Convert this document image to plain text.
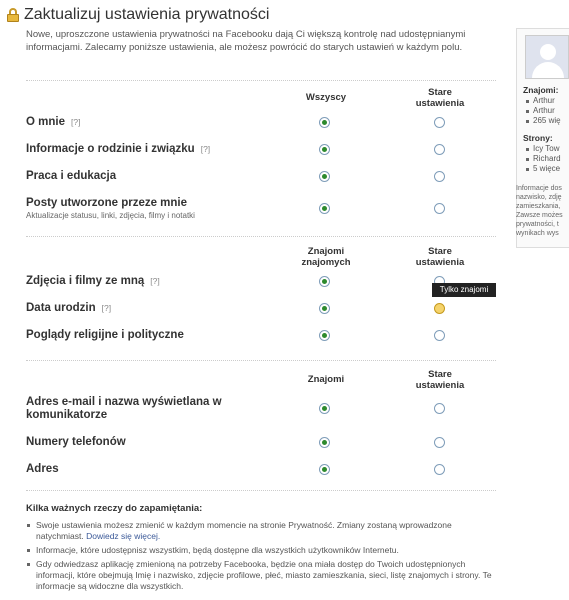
Zaktualizuj ustawienia prywatności

Nowe, uproszczone ustawienia prywatności na Facebooku dają Ci większą kontrolę nad udostępnianymi informacjami. Zalecamy poniższe ustawienia, ale możesz powrócić do starych ustawień w każdym polu.

Wszyscy	Stare ustawienia
O mnie [?]
Informacje o rodzinie i związku [?]
Praca i edukacja
Posty utworzone przeze mnie
Aktualizacje statusu, linki, zdjęcia, filmy i notatki
Znajomi znajomych
Stare ustawienia
Zdjęcia i filmy ze mną [?]
Data urodzin [?]
Poglądy religijne i polityczne
Tylko znajomi
Znajomi	Stare ustawienia
Adres e-mail i nazwa wyświetlana w komunikatorze
Numery telefonów
Adres
Kilka ważnych rzeczy do zapamiętania:
Swoje ustawienia możesz zmienić w każdym momencie na stronie Prywatność. Zmiany zostaną wprowadzone natychmiast. Dowiedz się więcej.
Informacje, które udostępnisz wszystkim, będą dostępne dla wszystkich użytkowników Internetu.
Gdy odwiedzasz aplikację zmienioną na potrzeby Facebooka, będzie ona miała dostęp do Twoich udostępnionych informacji, które obejmują Imię i nazwisko, zdjęcie profilowe, płeć, miasto zamieszkania, sieci, listę znajomych i strony. Te informacje są widoczne dla wszystkich.
Znajomi:
Arthur
Arthur
265 wię
Strony:
Icy Tow
Richard
5 więce
Informacje dos nazwisko, zdję zamieszkania, Zawsze możes prywatności, t wynikach wys
